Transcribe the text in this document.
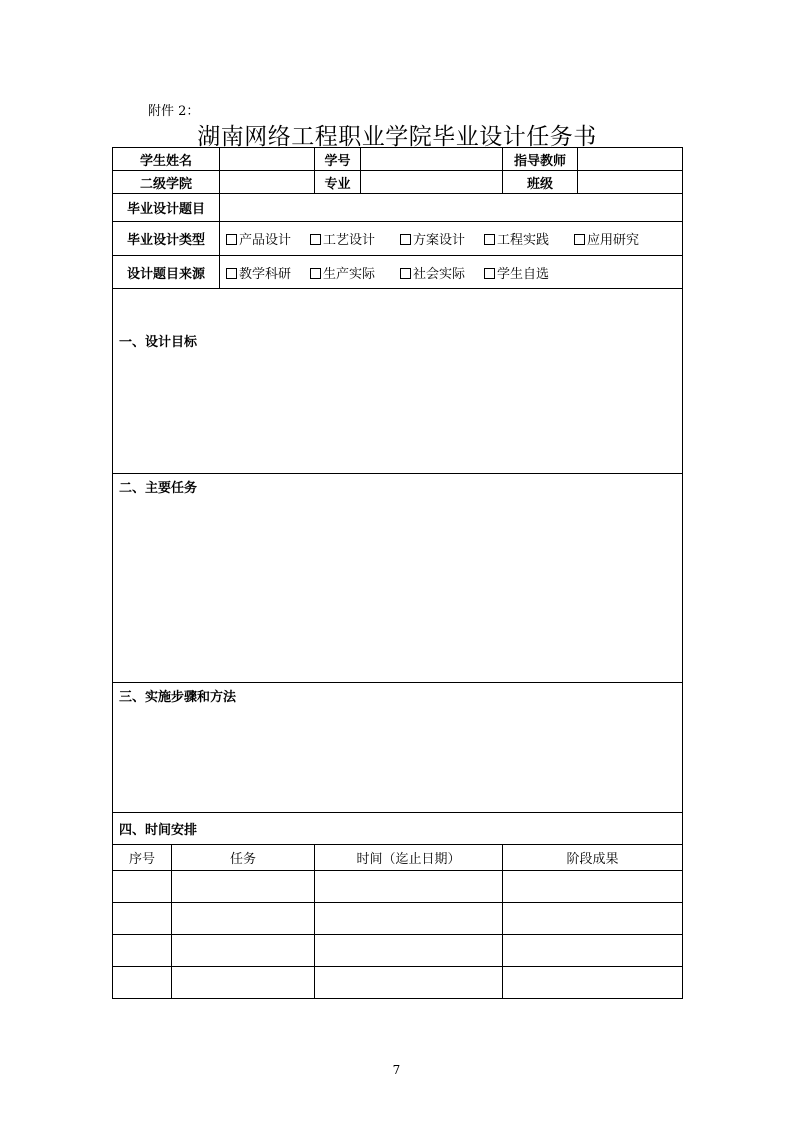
附件 2：
湖南网络工程职业学院毕业设计任务书
学生姓名			学号		指导教师	
二级学院			专业		班级	
毕业设计题目						
毕业设计类型		产品设计 工艺设计 方案设计 工程实践 应用研究				
设计题目来源		教学科研 生产实际 社会实际 学生自选				

一、设计目标						

二、主要任务						

三、实施步骤和方法						

四、时间安排						

序号	任务		时间（迄止日期）		阶段成果	

7
